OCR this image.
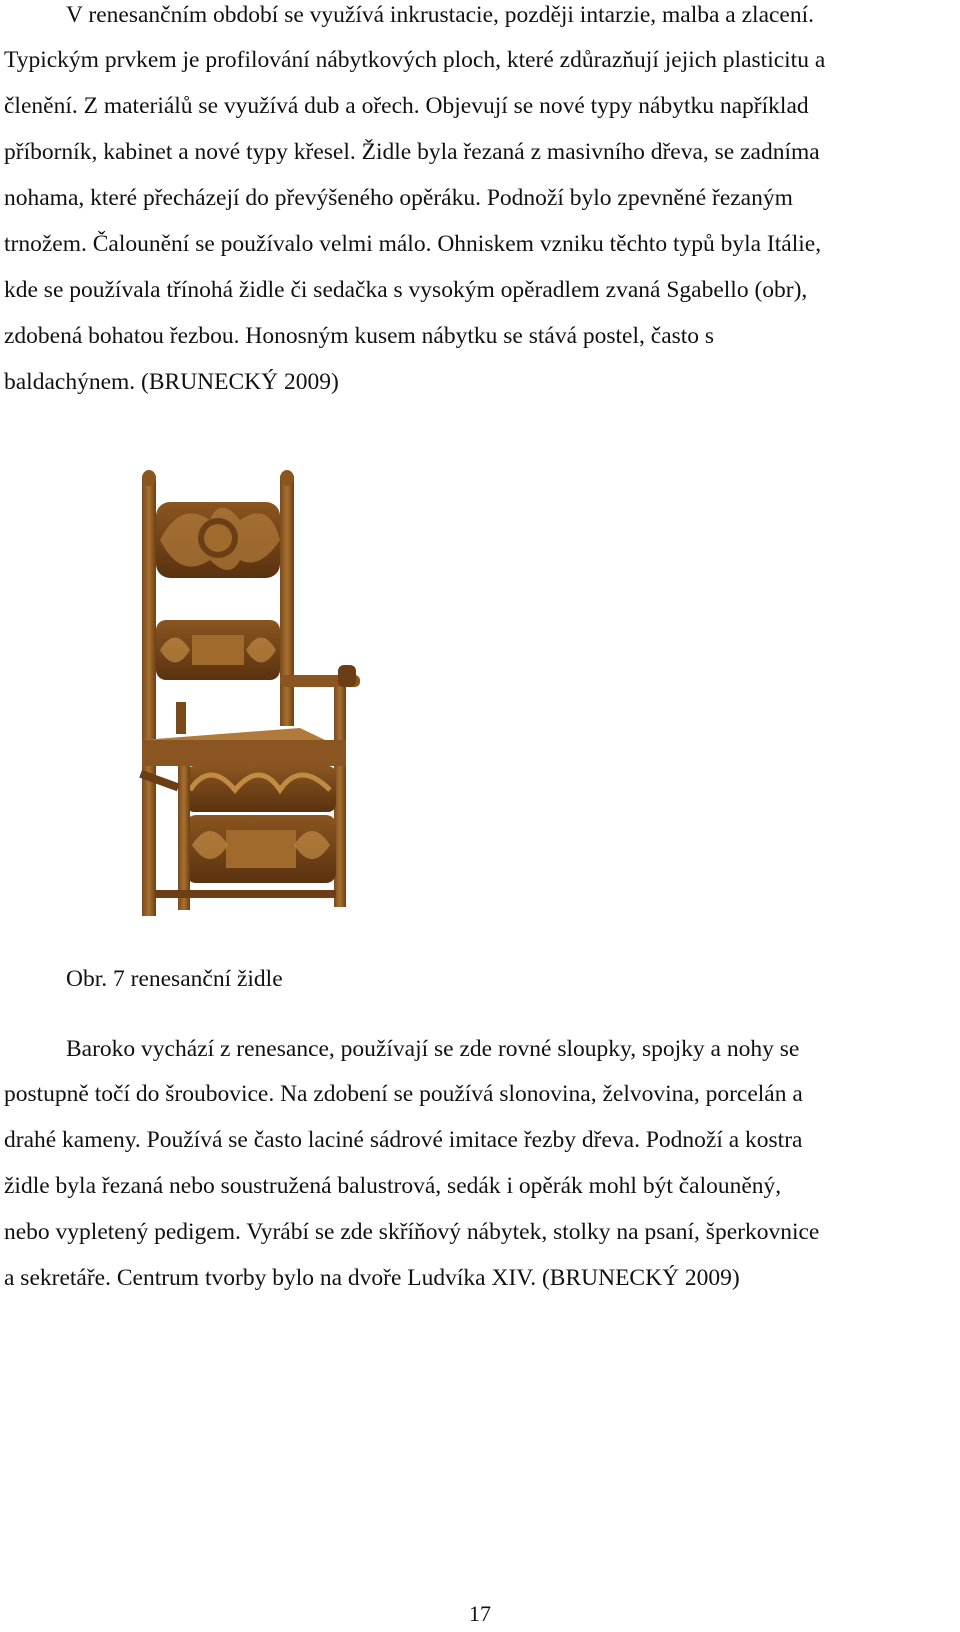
V renesančním období se využívá inkrustacie, později intarzie, malba a zlacení.
Typickým prvkem je profilování nábytkových ploch, které zdůrazňují jejich plasticitu a
členění. Z materiálů se využívá dub a ořech. Objevují se nové typy nábytku například
příborník, kabinet a nové typy křesel. Židle byla řezaná z masivního dřeva, se zadníma
nohama, které přecházejí do převýšeného opěráku. Podnoží bylo zpevněné řezaným
trnožem. Čalounění se používalo velmi málo. Ohniskem vzniku těchto typů byla Itálie,
kde se používala třínohá židle či sedačka s vysokým opěradlem zvaná Sgabello (obr),
zdobená bohatou řezbou. Honosným kusem nábytku se stává postel, často s
baldachýnem. (BRUNECKÝ 2009)
Obr. 7 renesanční židle
Baroko vychází z renesance, používají se zde rovné sloupky, spojky a nohy se
postupně točí do šroubovice. Na zdobení se používá slonovina, želvovina, porcelán a
drahé kameny. Používá se často laciné sádrové imitace řezby dřeva. Podnoží a kostra
židle byla řezaná nebo soustružená balustrová, sedák i opěrák mohl být čalouněný,
nebo vypletený pedigem. Vyrábí se zde skříňový nábytek, stolky na psaní, šperkovnice
a sekretáře. Centrum tvorby bylo na dvoře Ludvíka XIV. (BRUNECKÝ 2009)
17
